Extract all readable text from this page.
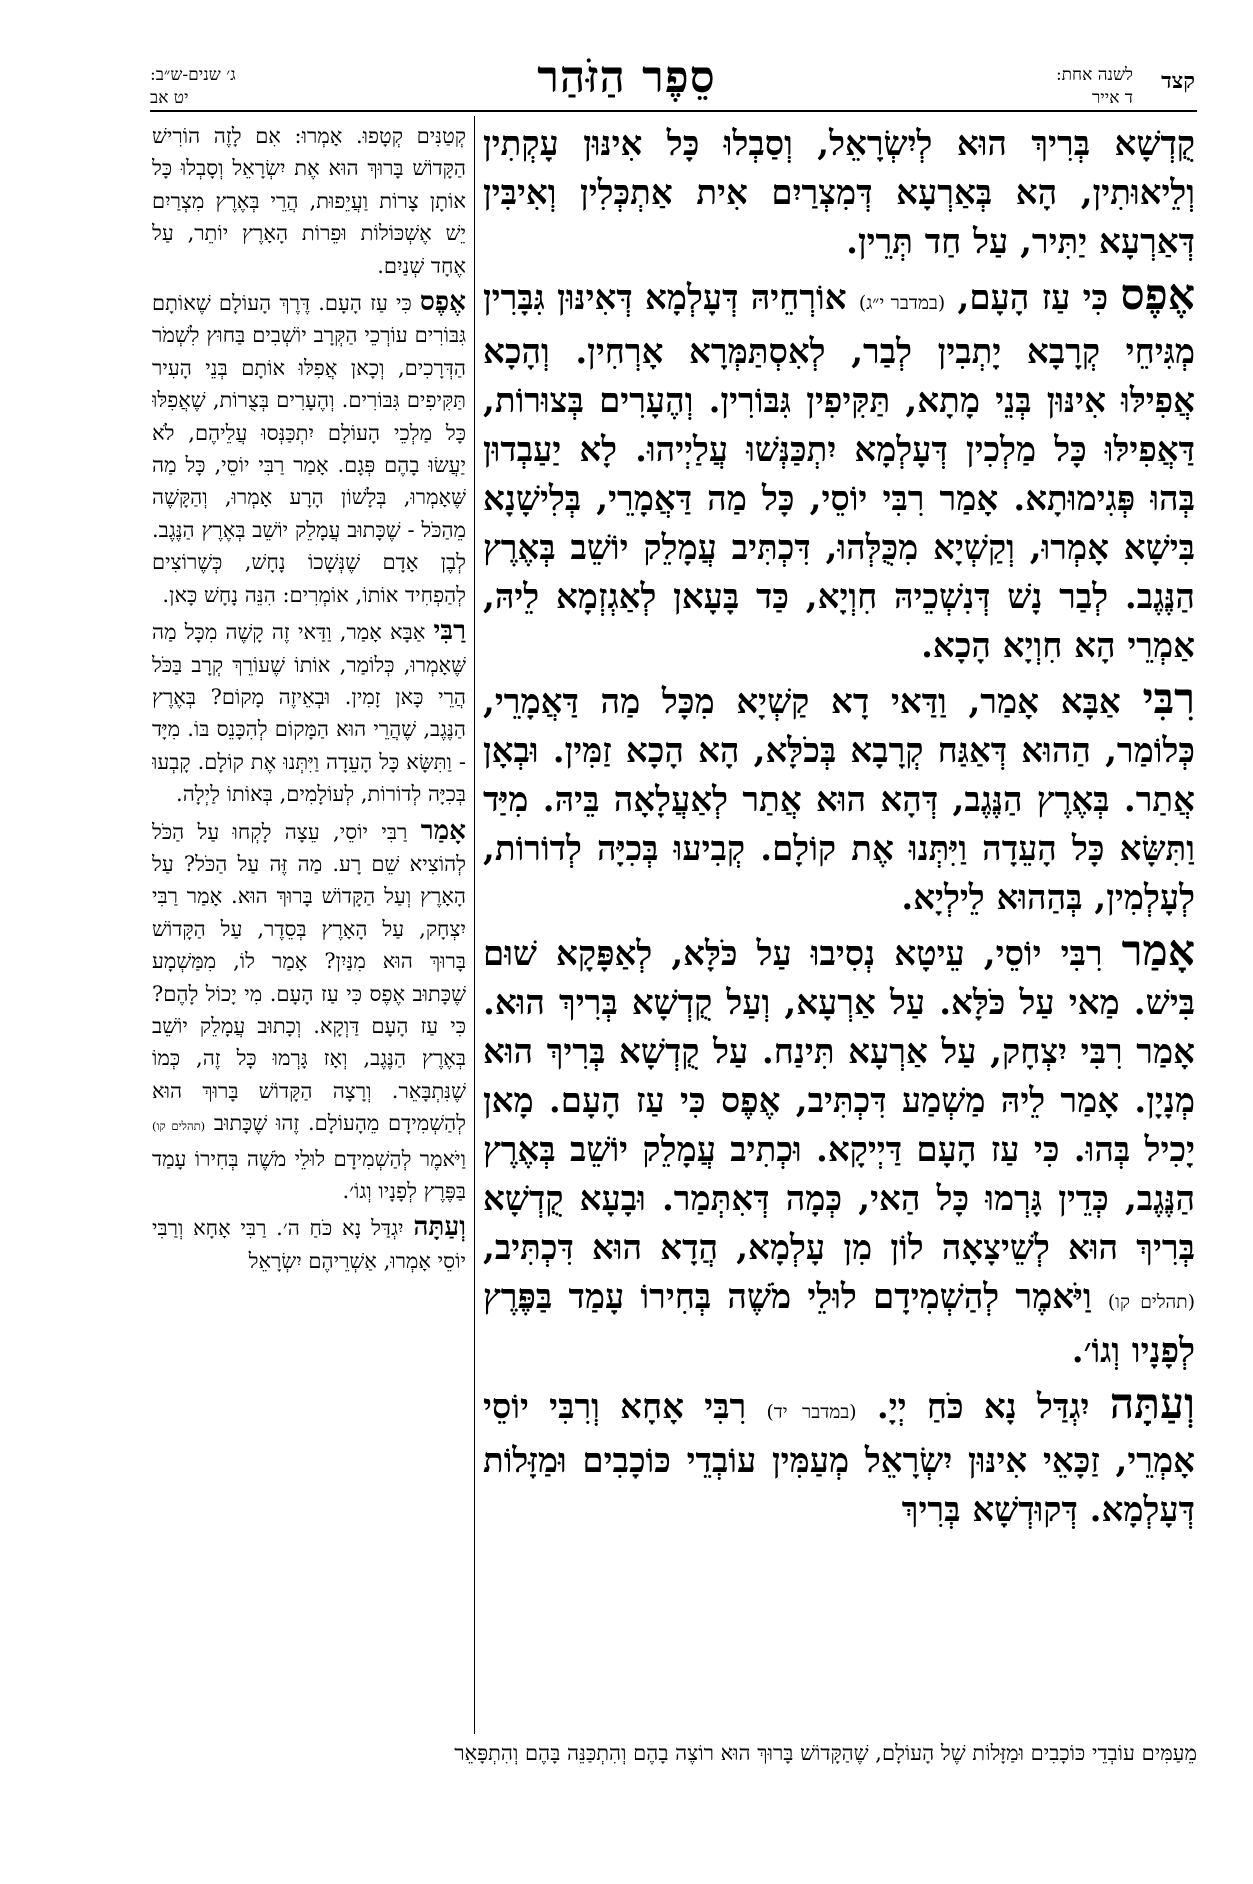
קצד
לשנה אחת:
ד אייר
סֵפֶר הַזֹּהַר
ג׳ שנים-ש״ב:
יט אב

קֻדְשָׁא בְּרִיךְ הוּא לְיִשְׂרָאֵל, וְסַבְלוּ כָּל אִינּוּן עָקְתִין וְלֵיאוּתִין, הָא בְּאַרְעָא דְּמִצְרַיִם אִית אַתְכְּלִין וְאִיבִּין דְּאַרְעָא יַתִּיר, עַל חַד תְּרֵין.

אֶפֶס כִּי עַז הָעָם, (במדבר י״ג) אוֹרְחֵיהּ דְּעָלְמָא דְּאִינּוּן גִּבָּרִין מְגִּיחֵי קְרָבָא יָתְבִין לְבַר, לְאִסְתַּמְּרָא אָרְחִין. וְהָכָא אֲפִילּוּ אִינּוּן בְּנֵי מָתָא, תַּקִּיפִין גִּבּוֹרִין. וְהֶעָרִים בְּצוּרוֹת, דַּאֲפִילּוּ כָּל מַלְכִין דְּעָלְמָא יִתְכַּנְּשׁוּ עֲלַיְיהוּ. לָא יַעַבְדוּן בְּהוּ פְּגִימוּתָא. אָמַר רִבִּי יוֹסֵי, כָּל מַה דַּאֲמָרֵי, בְּלִישָׁנָא בִּישָׁא אָמְרוּ, וְקַשְׁיָא מִכֻּלְּהוּ, דִּכְתִּיב עֲמָלֵק יוֹשֵׁב בְּאֶרֶץ הַנֶּגֶב. לְבַר נָשׁ דְּנִשְׁכֵיהּ חִוְיָא, כַּד בָּעָאן לְאַגְזְמָא לֵיהּ, אַמְרֵי הָא חִוְיָא הָכָא.

רִבִּי אַבָּא אָמַר, וַדַּאי דָא קַשְׁיָא מִכָּל מַה דַּאֲמָרֵי, כְּלוֹמַר, הַהוּא דְּאַגַּח קְרָבָא בְּכֹלָּא, הָא הָכָא זַמִּין. וּבְאָן אֲתַר. בְּאֶרֶץ הַנֶּגֶב, דְּהָא הוּא אֲתַר לְאַעֲלָאָה בֵּיהּ. מִיַּד וַתִּשָּׂא כָּל הָעֵדָה וַיִּתְּנוּ אֶת קוֹלָם. קְבִיעוּ בְּכִיָּה לְדוֹרוֹת, לְעָלְמִין, בְּהַהוּא לֵילְיָא.

אָמַר רִבִּי יוֹסֵי, עֵיטָא נְסִיבוּ עַל כֹּלָּא, לְאַפָּקָא שׁוּם בִּישׁ. מַאי עַל כֹּלָּא. עַל אַרְעָא, וְעַל קֻדְשָׁא בְּרִיךְ הוּא. אָמַר רִבִּי יִצְחָק, עַל אַרְעָא תִּינַח. עַל קֻדְשָׁא בְּרִיךְ הוּא מְנָיָן. אָמַר לֵיהּ מַשְׁמַע דִּכְתִּיב, אֶפֶס כִּי עַז הָעָם. מָאן יָכִיל בְּהוּ. כִּי עַז הָעָם דַּיְיקָא. וּכְתִיב עֲמָלֵק יוֹשֵׁב בְּאֶרֶץ הַנֶּגֶב, כְּדֵין גָּרְמוּ כָּל הַאי, כְּמָה דְּאִתְּמַר. וּבָעָא קֻדְשָׁא בְּרִיךְ הוּא לְשֵׁיצָאָה לוֹן מִן עָלְמָא, הֲדָא הוּא דִּכְתִּיב, (תהלים קו) וַיֹּאמֶר לְהַשְׁמִידָם לוּלֵי מֹשֶׁה בְּחִירוֹ עָמַד בַּפֶּרֶץ לְפָנָיו וְגוֹ׳.

וְעַתָּה יִגְדַּל נָא כֹּחַ יְיָ. (במדבר יד) רִבִּי אָחָא וְרִבִּי יוֹסֵי אָמְרֵי, זַכָּאֵי אִינּוּן יִשְׂרָאֵל מְעַמִּין עוֹבְדֵי כּוֹכָבִים וּמַזָּלוֹת דְּעָלְמָא. דְּקוּדְשָׁא בְּרִיךְ

קְטַנִּים קְטָפוּ. אָמְרוּ: אִם לָזֶה הוֹרִישׁ הַקָּדוֹשׁ בָּרוּךְ הוּא אֶת יִשְׂרָאֵל וְסָבְלוּ כָּל אוֹתָן צָרוֹת וַעֲיֵפוּת, הֲרֵי בְּאֶרֶץ מִצְרַיִם יֵשׁ אֶשְׁכּוֹלוֹת וּפֵרוֹת הָאָרֶץ יוֹתֵר, עַל אֶחָד שְׁנַיִם.

אֶפֶס כִּי עַז הָעָם. דֶּרֶךְ הָעוֹלָם שֶׁאוֹתָם גִּבּוֹרִים עוֹרְכֵי הַקְּרָב יוֹשְׁבִים בַּחוּץ לִשְׁמֹר הַדְּרָכִים, וְכָאן אֲפִלּוּ אוֹתָם בְּנֵי הָעִיר תַּקִּיפִים גִּבּוֹרִים. וְהֶעָרִים בְּצֻרוֹת, שֶׁאֲפִלּוּ כָּל מַלְכֵי הָעוֹלָם יִתְכַּנְּסוּ עֲלֵיהֶם, לֹא יַעֲשׂוּ בָהֶם פְּגָם. אָמַר רַבִּי יוֹסֵי, כָּל מַה שֶּׁאָמְרוּ, בְּלָשׁוֹן הָרָע אָמְרוּ, וְהַקָּשֶׁה מֵהַכֹּל - שֶׁכָּתוּב עֲמָלֵק יוֹשֵׁב בְּאֶרֶץ הַנֶּגֶב. לְבֶן אָדָם שֶׁנְּשָׁכוֹ נָחָשׁ, כְּשֶׁרוֹצִים לְהַפְחִיד אוֹתוֹ, אוֹמְרִים: הִנֵּה נָחָשׁ כָּאן.

רַבִּי אַבָּא אָמַר, וַדַּאי זֶה קָשֶׁה מִכָּל מַה שֶּׁאָמְרוּ, כְּלוֹמַר, אוֹתוֹ שֶׁעוֹרֵךְ קְרָב בַּכֹּל הֲרֵי כָּאן זָמִין. וּבְאֵיזֶה מָקוֹם? בְּאֶרֶץ הַנֶּגֶב, שֶׁהֲרֵי הוּא הַמָּקוֹם לְהִכָּנֵס בּוֹ. מִיָּד - וַתִּשָּׂא כָּל הָעֵדָה וַיִּתְּנוּ אֶת קוֹלָם. קָבְעוּ בְּכִיָּה לְדוֹרוֹת, לְעוֹלָמִים, בְּאוֹתוֹ לַיְלָה.

אָמַר רַבִּי יוֹסֵי, עֵצָה לָקְחוּ עַל הַכֹּל לְהוֹצִיא שֵׁם רָע. מַה זֶּה עַל הַכֹּל? עַל הָאָרֶץ וְעַל הַקָּדוֹשׁ בָּרוּךְ הוּא. אָמַר רַבִּי יִצְחָק, עַל הָאָרֶץ בְּסֵדֶר, עַל הַקָּדוֹשׁ בָּרוּךְ הוּא מִנַּיִן? אָמַר לוֹ, מִמַּשְׁמָע שֶׁכָּתוּב אֶפֶס כִּי עַז הָעָם. מִי יָכוֹל לָהֶם? כִּי עַז הָעָם דַּוְקָא. וְכָתוּב עֲמָלֵק יוֹשֵׁב בְּאֶרֶץ הַנֶּגֶב, וְאָז גָּרְמוּ כָּל זֶה, כְּמוֹ שֶׁנִּתְבָּאֵר. וְרָצָה הַקָּדוֹשׁ בָּרוּךְ הוּא לְהַשְׁמִידָם מֵהָעוֹלָם. זֶהוּ שֶׁכָּתוּב (תהלים קו) וַיֹּאמֶר לְהַשְׁמִידָם לוּלֵי מֹשֶׁה בְּחִירוֹ עָמַד בַּפֶּרֶץ לְפָנָיו וְגוֹ׳.

וְעַתָּה יִגְדַּל נָא כֹּחַ ה׳. רַבִּי אָחָא וְרַבִּי יוֹסֵי אָמְרוּ, אַשְׁרֵיהֶם יִשְׂרָאֵל

מֵעַמִּים עוֹבְדֵי כּוֹכָבִים וּמַזָּלוֹת שֶׁל הָעוֹלָם, שֶׁהַקָּדוֹשׁ בָּרוּךְ הוּא רוֹצֶה בָהֶם וְהִתְכַּנֵּה בָּהֶם וְהִתְפָּאֵר
